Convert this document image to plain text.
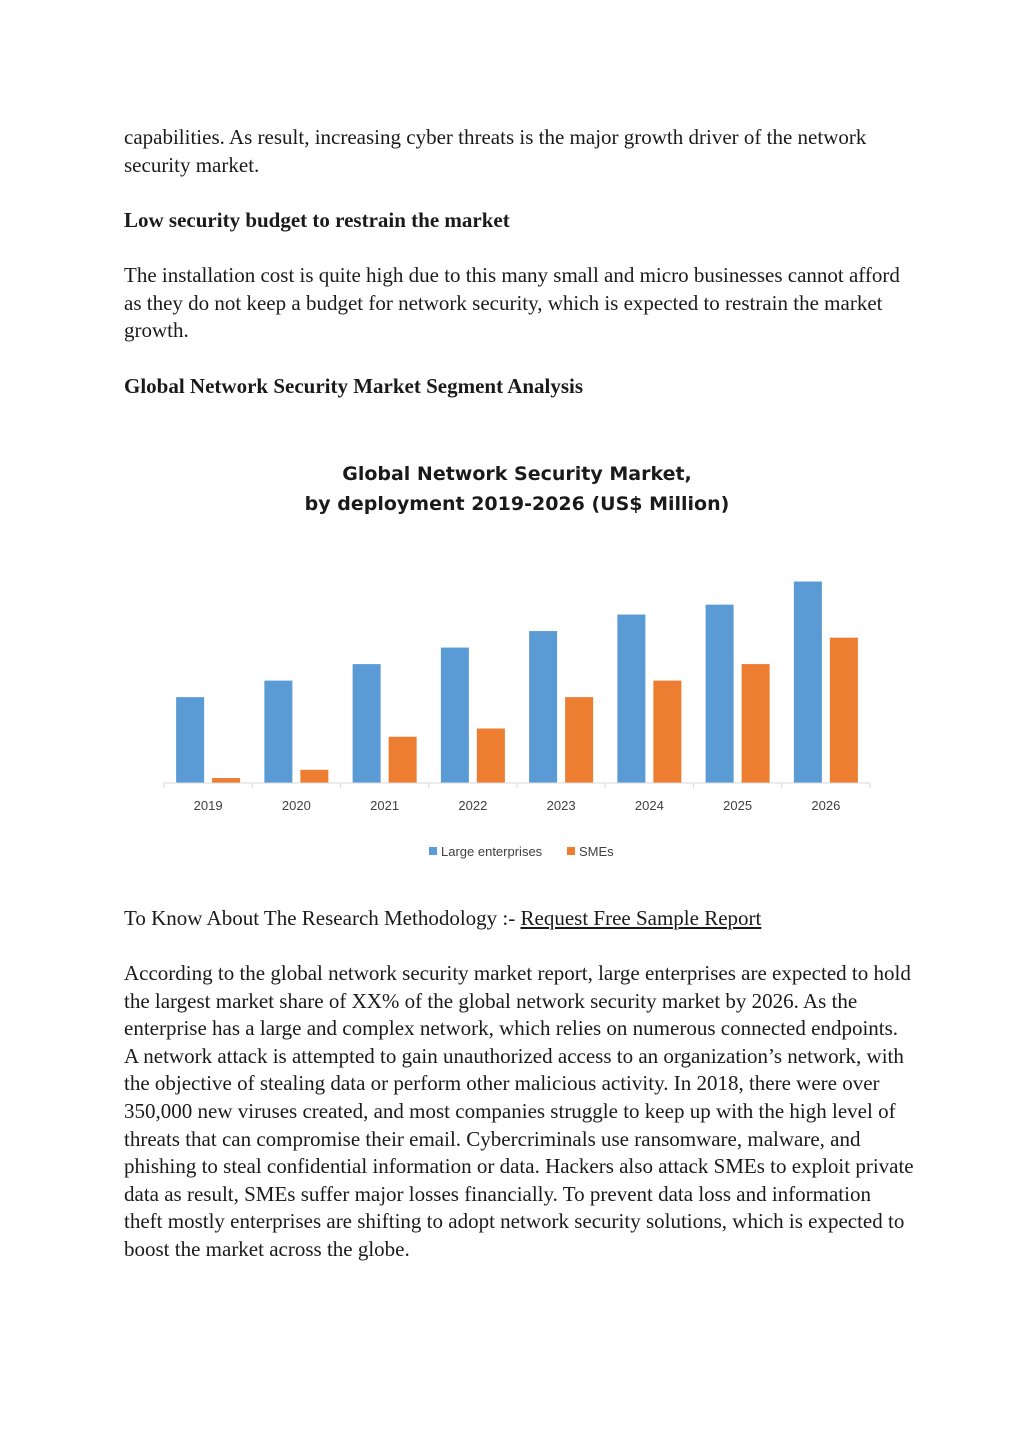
capabilities. As result, increasing cyber threats is the major growth driver of the network security market.

Low security budget to restrain the market

The installation cost is quite high due to this many small and micro businesses cannot afford as they do not keep a budget for network security, which is expected to restrain the market growth.

Global Network Security Market Segment Analysis

Global Network Security Market,
by deployment 2019-2026 (US$ Million)
2019	2020	2021	2022	2023	2024	2025	2026
Large enterprises	SMEs

To Know About The Research Methodology :- Request Free Sample Report

According to the global network security market report, large enterprises are expected to hold the largest market share of XX% of the global network security market by 2026. As the enterprise has a large and complex network, which relies on numerous connected endpoints. A network attack is attempted to gain unauthorized access to an organization’s network, with the objective of stealing data or perform other malicious activity. In 2018, there were over 350,000 new viruses created, and most companies struggle to keep up with the high level of threats that can compromise their email. Cybercriminals use ransomware, malware, and phishing to steal confidential information or data. Hackers also attack SMEs to exploit private data as result, SMEs suffer major losses financially. To prevent data loss and information theft mostly enterprises are shifting to adopt network security solutions, which is expected to boost the market across the globe.
